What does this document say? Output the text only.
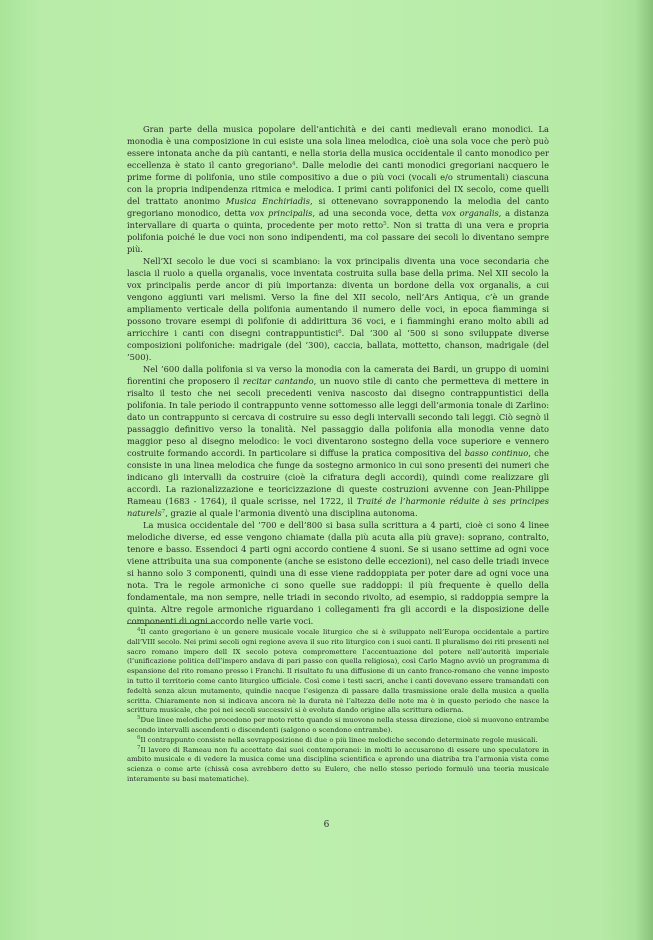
Gran parte della musica popolare dell’antichità e dei canti medievali erano monodici. La monodia è una composizione in cui esiste una sola linea melodica, cioè una sola voce che però può essere intonata anche da più cantanti, e nella storia della musica occidentale il canto monodico per eccellenza è stato il canto gregoriano$^4$. Dalle melodie dei canti monodici gregoriani nacquero le prime forme di polifonia, uno stile compositivo a due o più voci (vocali e/o strumentali) ciascuna con la propria indipendenza ritmica e melodica. I primi canti polifonici del IX secolo, come quelli del trattato anonimo Musica Enchiriadis, si ottenevano sovrapponendo la melodia del canto gregoriano monodico, detta vox principalis, ad una seconda voce, detta vox organalis, a distanza intervallare di quarta o quinta, procedente per moto retto$^5$. Non si tratta di una vera e propria polifonia poiché le due voci non sono indipendenti, ma col passare dei secoli lo diventano sempre più.

Nell’XI secolo le due voci si scambiano: la vox principalis diventa una voce secondaria che lascia il ruolo a quella organalis, voce inventata costruita sulla base della prima. Nel XII secolo la vox principalis perde ancor di più importanza: diventa un bordone della vox organalis, a cui vengono aggiunti vari melismi. Verso la fine del XII secolo, nell’Ars Antiqua, c’è un grande ampliamento verticale della polifonia aumentando il numero delle voci, in epoca fiamminga si possono trovare esempi di polifonie di addirittura 36 voci, e i fiamminghi erano molto abili ad arricchire i canti con disegni contrappuntistici$^6$. Dal ’300 al ’500 si sono sviluppate diverse composizioni polifoniche: madrigale (del ’300), caccia, ballata, mottetto, chanson, madrigale (del ’500).

Nel ’600 dalla polifonia si va verso la monodia con la camerata dei Bardi, un gruppo di uomini fiorentini che proposero il recitar cantando, un nuovo stile di canto che permetteva di mettere in risalto il testo che nei secoli precedenti veniva nascosto dai disegno contrappuntistici della polifonia. In tale periodo il contrappunto venne sottomesso alle leggi dell’armonia tonale di Zarlino: dato un contrappunto si cercava di costruire su esso degli intervalli secondo tali leggi. Ciò segnò il passaggio definitivo verso la tonalità. Nel passaggio dalla polifonia alla monodia venne dato maggior peso al disegno melodico: le voci diventarono sostegno della voce superiore e vennero costruite formando accordi. In particolare si diffuse la pratica compositiva del basso continuo, che consiste in una linea melodica che funge da sostegno armonico in cui sono presenti dei numeri che indicano gli intervalli da costruire (cioè la cifratura degli accordi), quindi come realizzare gli accordi. La razionalizzazione e teoricizzazione di queste costruzioni avvenne con Jean-Philippe Rameau (1683 - 1764), il quale scrisse, nel 1722, il Traité de l’harmonie réduite à ses principes naturels$^7$, grazie al quale l’armonia diventò una disciplina autonoma.

La musica occidentale del ’700 e dell’800 si basa sulla scrittura a 4 parti, cioè ci sono 4 linee melodiche diverse, ed esse vengono chiamate (dalla più acuta alla più grave): soprano, contralto, tenore e basso. Essendoci 4 parti ogni accordo contiene 4 suoni. Se si usano settime ad ogni voce viene attribuita una sua componente (anche se esistono delle eccezioni), nel caso delle triadi invece si hanno solo 3 componenti, quindi una di esse viene raddoppiata per poter dare ad ogni voce una nota. Tra le regole armoniche ci sono quelle sue raddoppi: il più frequente è quello della fondamentale, ma non sempre, nelle triadi in secondo rivolto, ad esempio, si raddoppia sempre la quinta. Altre regole armoniche riguardano i collegamenti fra gli accordi e la disposizione delle componenti di ogni accordo nelle varie voci.

$^4$Il canto gregoriano è un genere musicale vocale liturgico che si è sviluppato nell’Europa occidentale a partire dall’VIII secolo. Nei primi secoli ogni regione aveva il suo rito liturgico con i suoi canti. Il pluralismo dei riti presenti nel sacro romano impero dell IX secolo poteva compromettere l’accentuazione del potere nell’autorità imperiale (l’unificazione politica dell’impero andava di pari passo con quella religiosa), così Carlo Magno avviò un programma di espansione del rito romano presso i Franchi. Il risultato fu una diffusione di un canto franco-romano che venne imposto in tutto il territorio come canto liturgico ufficiale. Così come i testi sacri, anche i canti dovevano essere tramandati con fedeltà senza alcun mutamento, quindie nacque l’esigenza di passare dalla trasmissione orale della musica a quella scritta. Chiaramente non si indicava ancora nè la durata nè l’altezza delle note ma è in questo periodo che nasce la scrittura musicale, che poi nei secoli successivi si è evoluta dando origine alla scrittura odierna.

$^5$Due linee melodiche procedono per moto retto quando si muovono nella stessa direzione, cioè si muovono entrambe secondo intervalli ascendenti o discendenti (salgono o scendono entrambe).

$^6$Il contrappunto consiste nella sovrapposizione di due o più linee melodiche secondo determinate regole musicali.

$^7$Il lavoro di Rameau non fu accettato dai suoi contemporanei: in molti lo accusarono di essere uno speculatore in ambito musicale e di vedere la musica come una disciplina scientifica e aprendo una diatriba tra l’armonia vista come scienza o come arte (chissà cosa avrebbero detto su Eulero, che nello stesso periodo formulò una teoria musicale interamente su basi matematiche).

6
